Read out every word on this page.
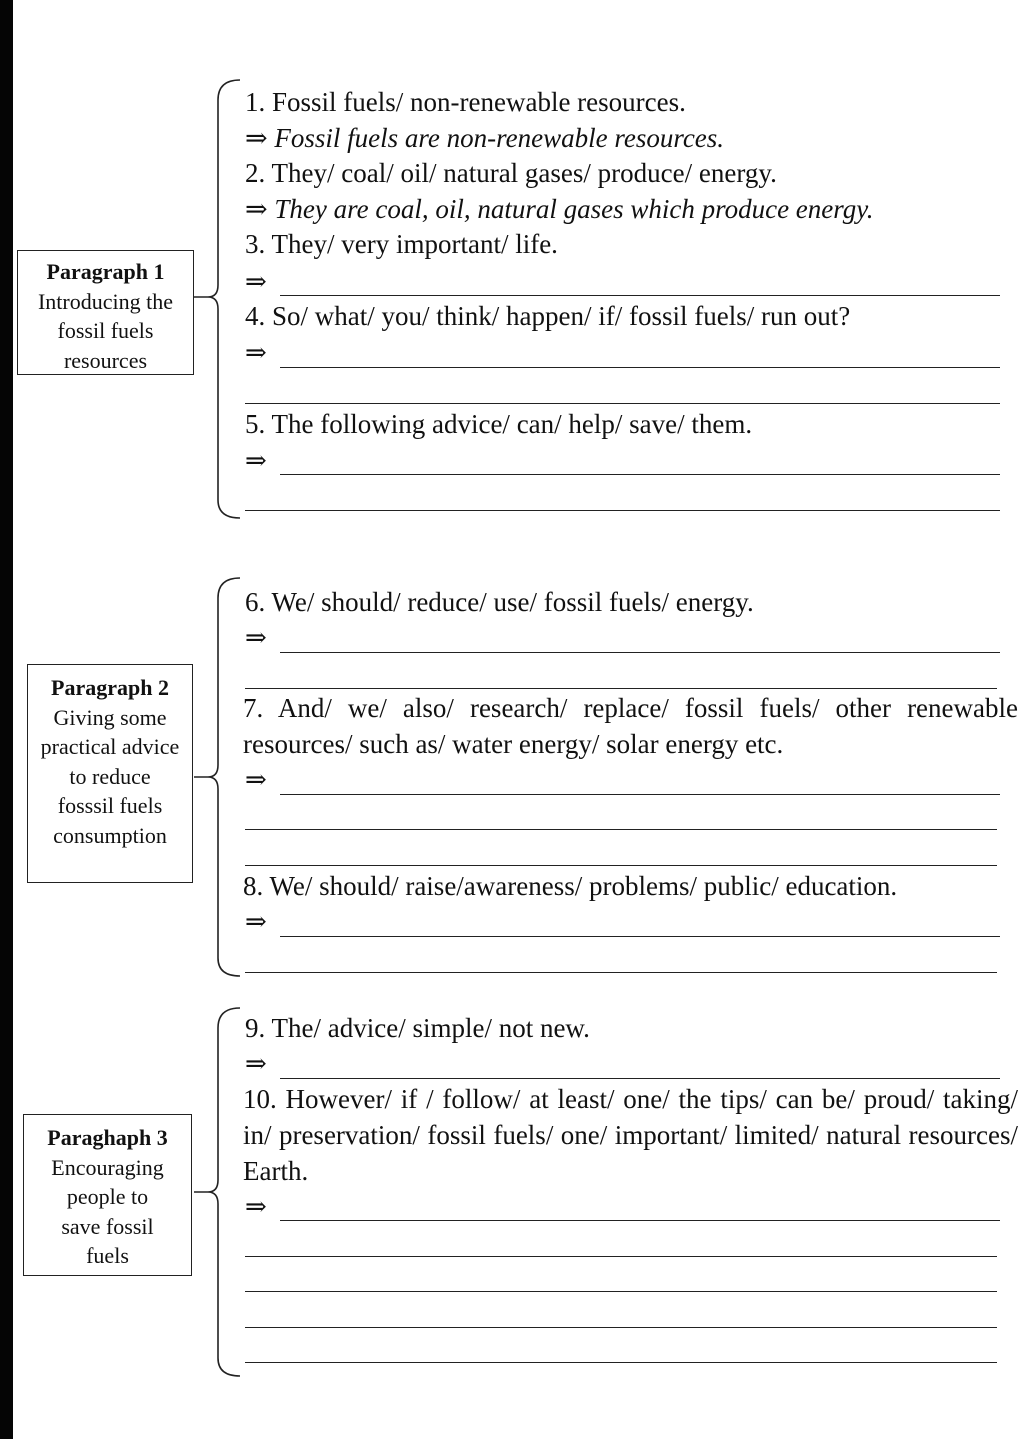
Paragraph 1
Introducing the fossil fuels resources
Paragraph 2
Giving some practical advice to reduce fosssil fuels consumption
Paraghaph 3
Encouraging people to save fossil fuels
1. Fossil fuels/ non-renewable resources.
⇒ Fossil fuels are non-renewable resources.
2. They/ coal/ oil/ natural gases/ produce/ energy.
⇒ They are coal, oil, natural gases which produce energy.
3. They/ very important/ life.
⇒
4. So/ what/ you/ think/ happen/ if/ fossil fuels/ run out?
⇒
5. The following advice/ can/ help/ save/ them.
⇒
6. We/ should/ reduce/ use/ fossil fuels/ energy.
⇒
7. And/ we/ also/ research/ replace/ fossil fuels/ other renewable resources/ such as/ water energy/ solar energy etc.
⇒
8. We/ should/ raise/awareness/ problems/ public/ education.
⇒
9. The/ advice/ simple/ not new.
⇒
10. However/ if / follow/ at least/ one/ the tips/ can be/ proud/ taking/ in/ preservation/ fossil fuels/ one/ important/ limited/ natural resources/ Earth.
⇒
